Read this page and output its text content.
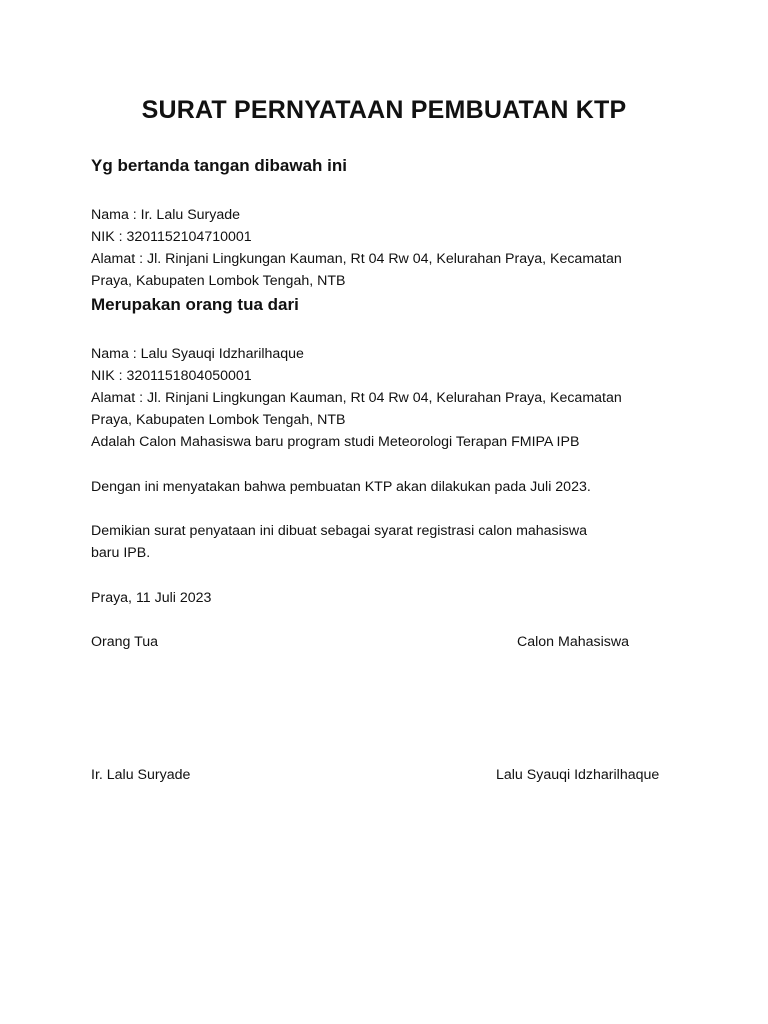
SURAT PERNYATAAN PEMBUATAN KTP
Yg bertanda tangan dibawah ini
Nama : Ir. Lalu Suryade
NIK : 3201152104710001
Alamat : Jl. Rinjani Lingkungan Kauman, Rt 04 Rw 04, Kelurahan Praya, Kecamatan
Praya, Kabupaten Lombok Tengah, NTB
Merupakan orang tua dari
Nama : Lalu Syauqi Idzharilhaque
NIK : 3201151804050001
Alamat : Jl. Rinjani Lingkungan Kauman, Rt 04 Rw 04, Kelurahan Praya, Kecamatan
Praya, Kabupaten Lombok Tengah, NTB
Adalah Calon Mahasiswa baru program studi Meteorologi Terapan FMIPA IPB
Dengan ini menyatakan bahwa pembuatan KTP akan dilakukan pada Juli 2023.
Demikian surat penyataan ini dibuat sebagai syarat registrasi calon mahasiswa
baru IPB.
Praya, 11 Juli 2023
Orang Tua	Calon Mahasiswa
Ir. Lalu Suryade	Lalu Syauqi Idzharilhaque
